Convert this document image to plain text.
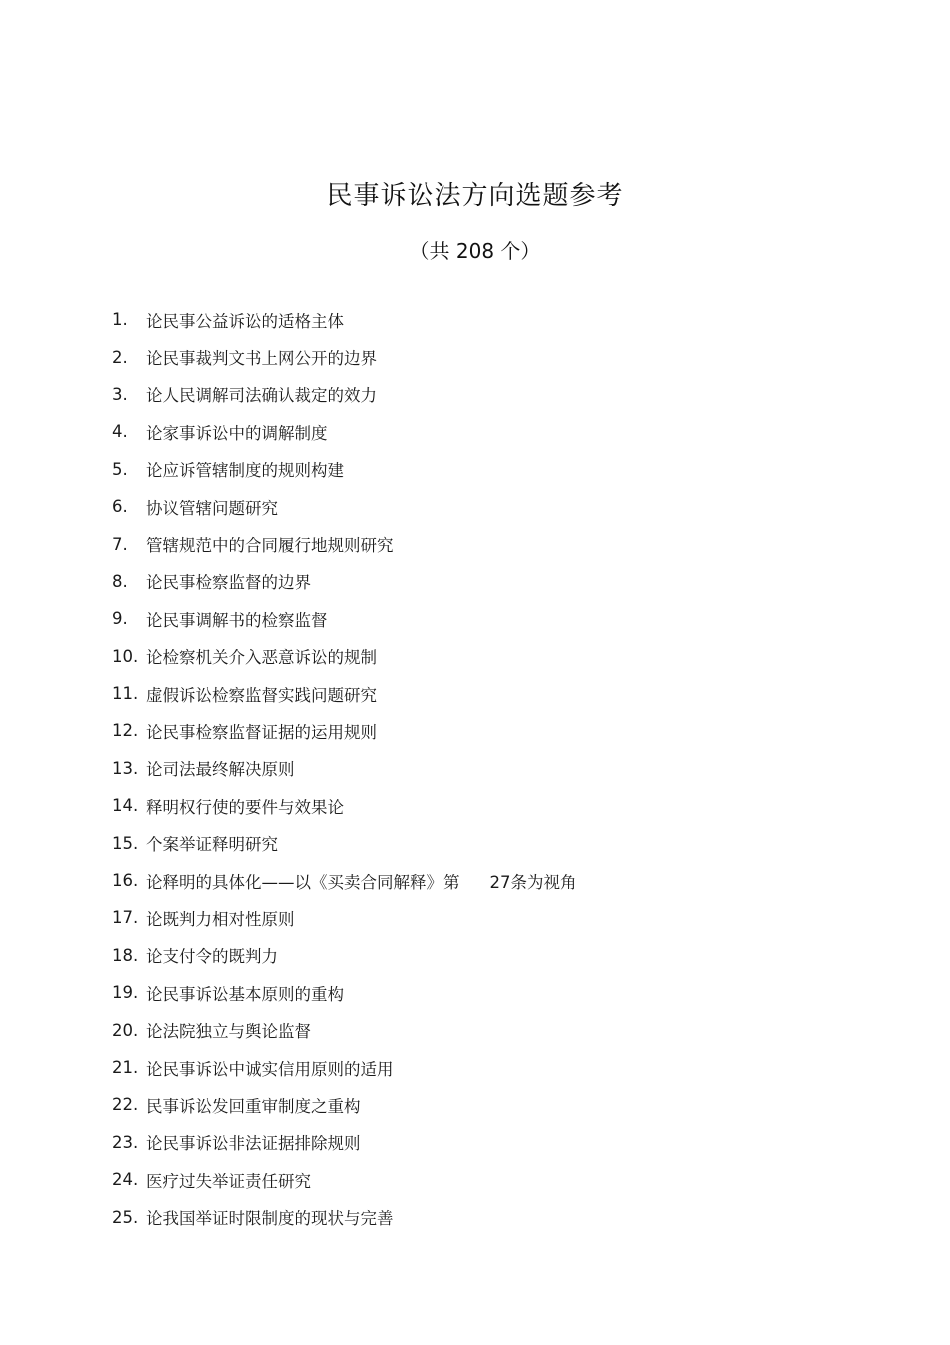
民事诉讼法方向选题参考
（共 208 个）
1.	论民事公益诉讼的适格主体
2.	论民事裁判文书上网公开的边界
3.	论人民调解司法确认裁定的效力
4.	论家事诉讼中的调解制度
5.	论应诉管辖制度的规则构建
6.	协议管辖问题研究
7.	管辖规范中的合同履行地规则研究
8.	论民事检察监督的边界
9.	论民事调解书的检察监督
10. 论检察机关介入恶意诉讼的规制
11. 虚假诉讼检察监督实践问题研究
12. 论民事检察监督证据的运用规则
13. 论司法最终解决原则
14. 释明权行使的要件与效果论
15. 个案举证释明研究
16. 论释明的具体化——以《买卖合同解释》第 27条为视角
17. 论既判力相对性原则
18. 论支付令的既判力
19. 论民事诉讼基本原则的重构
20. 论法院独立与舆论监督
21. 论民事诉讼中诚实信用原则的适用
22. 民事诉讼发回重审制度之重构
23. 论民事诉讼非法证据排除规则
24. 医疗过失举证责任研究
25. 论我国举证时限制度的现状与完善
